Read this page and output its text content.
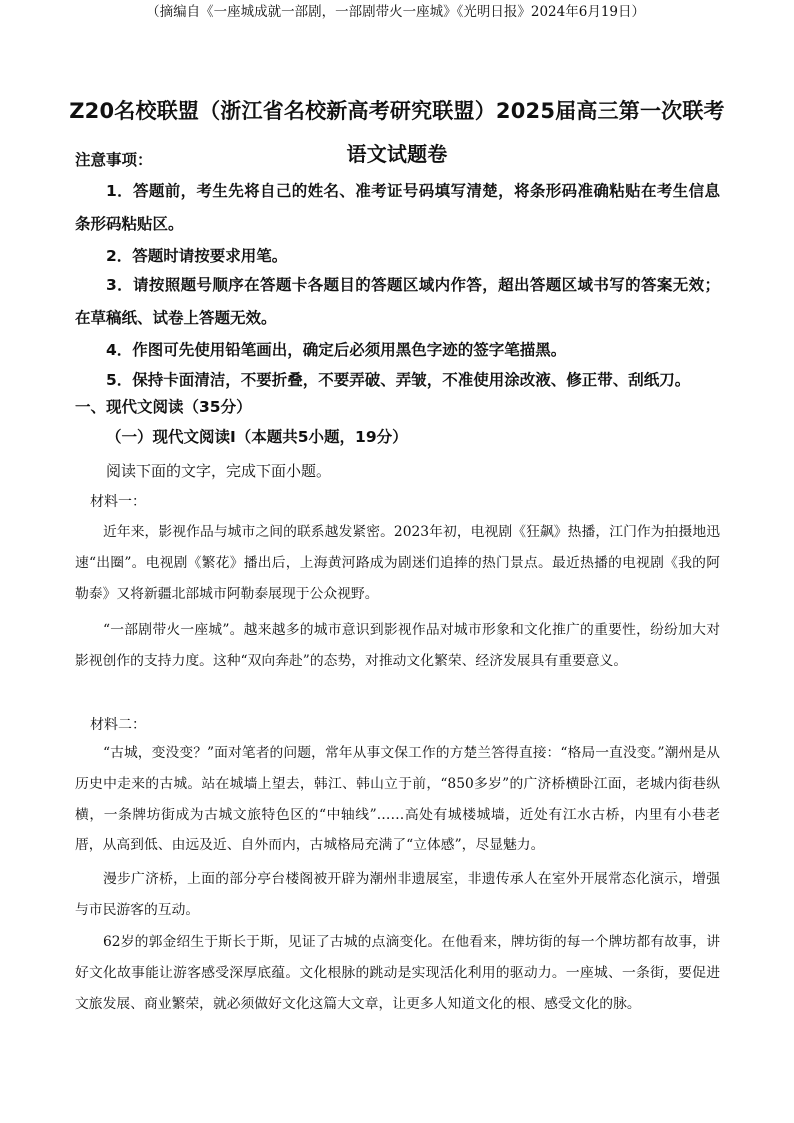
Z20名校联盟（浙江省名校新高考研究联盟）2025届高三第一次联考
语文试题卷
注意事项：
1．答题前，考生先将自己的姓名、准考证号码填写清楚，将条形码准确粘贴在考生信息条形码粘贴区。
2．答题时请按要求用笔。
3．请按照题号顺序在答题卡各题目的答题区域内作答，超出答题区域书写的答案无效；在草稿纸、试卷上答题无效。
4．作图可先使用铅笔画出，确定后必须用黑色字迹的签字笔描黑。
5．保持卡面清洁，不要折叠，不要弄破、弄皱，不准使用涂改液、修正带、刮纸刀。
一、现代文阅读（35分）
（一）现代文阅读Ⅰ（本题共5小题，19分）
阅读下面的文字，完成下面小题。
材料一：
近年来，影视作品与城市之间的联系越发紧密。2023年初，电视剧《狂飙》热播，江门作为拍摄地迅速“出圈”。电视剧《繁花》播出后，上海黄河路成为剧迷们追捧的热门景点。最近热播的电视剧《我的阿勒泰》又将新疆北部城市阿勒泰展现于公众视野。
“一部剧带火一座城”。越来越多的城市意识到影视作品对城市形象和文化推广的重要性，纷纷加大对影视创作的支持力度。这种“双向奔赴”的态势，对推动文化繁荣、经济发展具有重要意义。
（摘编自《一座城成就一部剧，一部剧带火一座城》《光明日报》2024年6月19日）
材料二：
“古城，变没变？”面对笔者的问题，常年从事文保工作的方楚兰答得直接：“格局一直没变。”潮州是从历史中走来的古城。站在城墙上望去，韩江、韩山立于前，“850多岁”的广济桥横卧江面，老城内街巷纵横，一条牌坊街成为古城文旅特色区的“中轴线”……高处有城楼城墙，近处有江水古桥，内里有小巷老厝，从高到低、由远及近、自外而内，古城格局充满了“立体感”，尽显魅力。
漫步广济桥，上面的部分亭台楼阁被开辟为潮州非遗展室，非遗传承人在室外开展常态化演示，增强与市民游客的互动。
62岁的郭金绍生于斯长于斯，见证了古城的点滴变化。在他看来，牌坊街的每一个牌坊都有故事，讲好文化故事能让游客感受深厚底蕴。文化根脉的跳动是实现活化利用的驱动力。一座城、一条街，要促进文旅发展、商业繁荣，就必须做好文化这篇大文章，让更多人知道文化的根、感受文化的脉。
